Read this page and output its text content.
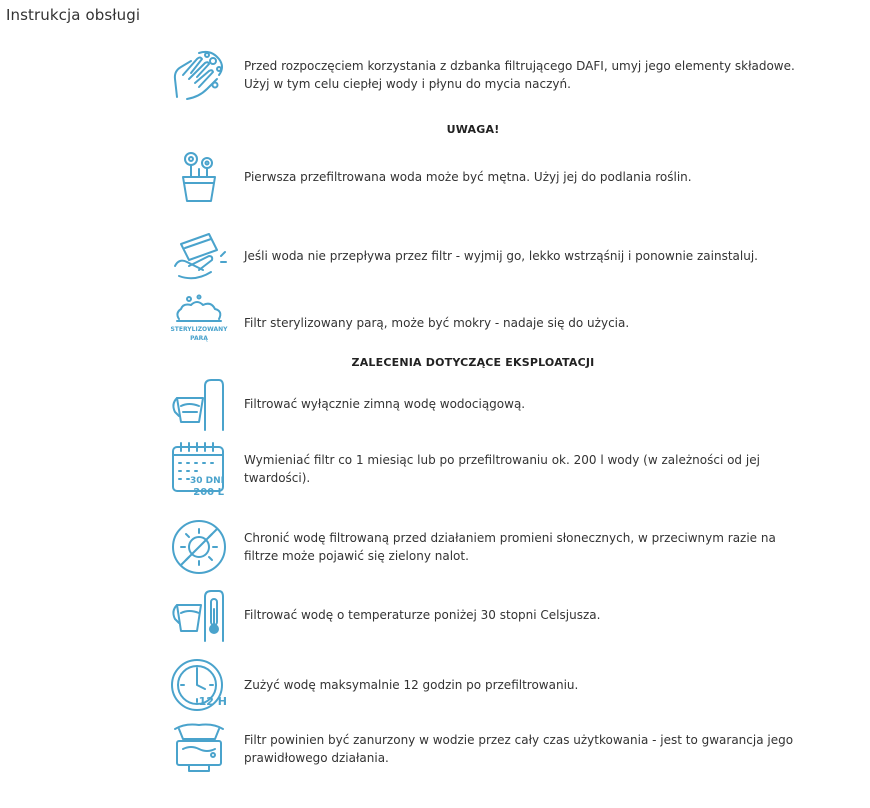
Instrukcja obsługi
Przed rozpoczęciem korzystania z dzbanka filtrującego DAFI, umyj jego elementy składowe. Użyj w tym celu ciepłej wody i płynu do mycia naczyń.
UWAGA!
Pierwsza przefiltrowana woda może być mętna. Użyj jej do podlania roślin.
Jeśli woda nie przepływa przez filtr - wyjmij go, lekko wstrząśnij i ponownie zainstaluj.
STERYLIZOWANY
PARĄ
Filtr sterylizowany parą, może być mokry - nadaje się do użycia.
ZALECENIA DOTYCZĄCE EKSPLOATACJI
Filtrować wyłącznie zimną wodę wodociągową.
30 DNI
200 L
Wymieniać filtr co 1 miesiąc lub po przefiltrowaniu ok. 200 l wody (w zależności od jej twardości).
Chronić wodę filtrowaną przed działaniem promieni słonecznych, w przeciwnym razie na filtrze może pojawić się zielony nalot.
Filtrować wodę o temperaturze poniżej 30 stopni Celsjusza.
12 H
Zużyć wodę maksymalnie 12 godzin po przefiltrowaniu.
Filtr powinien być zanurzony w wodzie przez cały czas użytkowania - jest to gwarancja jego prawidłowego działania.
